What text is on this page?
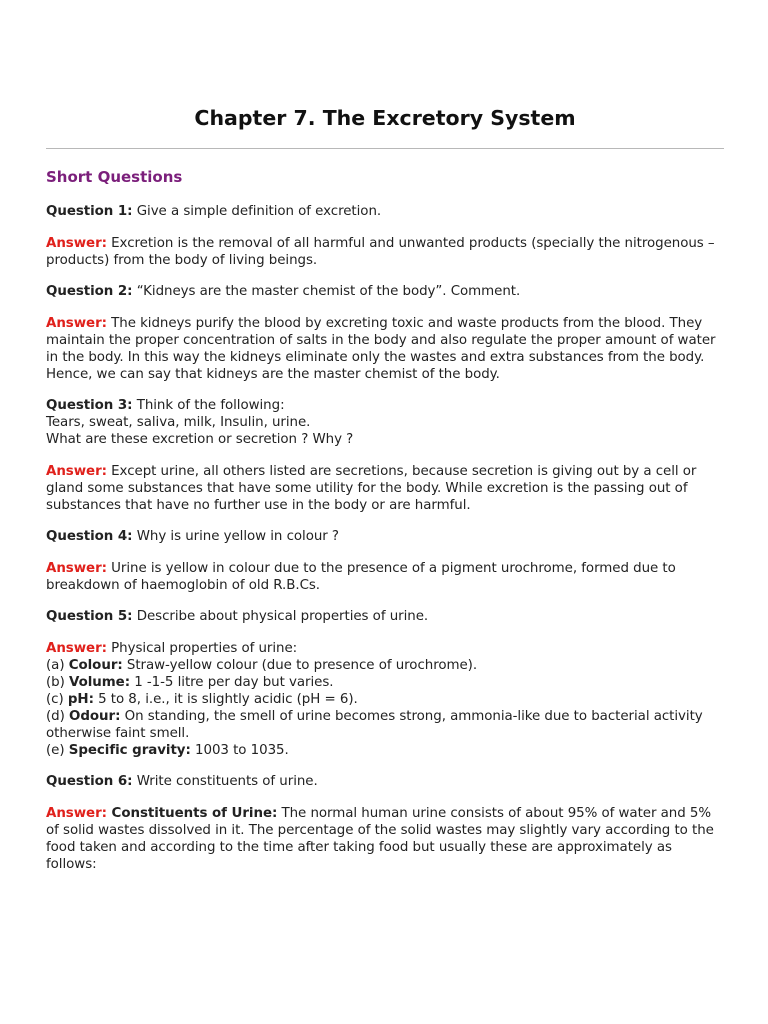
Chapter 7. The Excretory System
Short Questions

Question 1: Give a simple definition of excretion.

Answer: Excretion is the removal of all harmful and unwanted products (specially the nitrogenous – products) from the body of living beings.

Question 2: “Kidneys are the master chemist of the body”. Comment.

Answer: The kidneys purify the blood by excreting toxic and waste products from the blood. They maintain the proper concentration of salts in the body and also regulate the proper amount of water in the body. In this way the kidneys eliminate only the wastes and extra substances from the body. Hence, we can say that kidneys are the master chemist of the body.

Question 3: Think of the following:
Tears, sweat, saliva, milk, Insulin, urine.
What are these excretion or secretion ? Why ?

Answer: Except urine, all others listed are secretions, because secretion is giving out by a cell or gland some substances that have some utility for the body. While excretion is the passing out of substances that have no further use in the body or are harmful.

Question 4: Why is urine yellow in colour ?

Answer: Urine is yellow in colour due to the presence of a pigment urochrome, formed due to breakdown of haemoglobin of old R.B.Cs.

Question 5: Describe about physical properties of urine.

Answer: Physical properties of urine:
(a) Colour: Straw-yellow colour (due to presence of urochrome).
(b) Volume: 1 -1-5 litre per day but varies.
(c) pH: 5 to 8, i.e., it is slightly acidic (pH = 6).
(d) Odour: On standing, the smell of urine becomes strong, ammonia-like due to bacterial activity otherwise faint smell.
(e) Specific gravity: 1003 to 1035.

Question 6: Write constituents of urine.

Answer: Constituents of Urine: The normal human urine consists of about 95% of water and 5% of solid wastes dissolved in it. The percentage of the solid wastes may slightly vary according to the food taken and according to the time after taking food but usually these are approximately as follows:
